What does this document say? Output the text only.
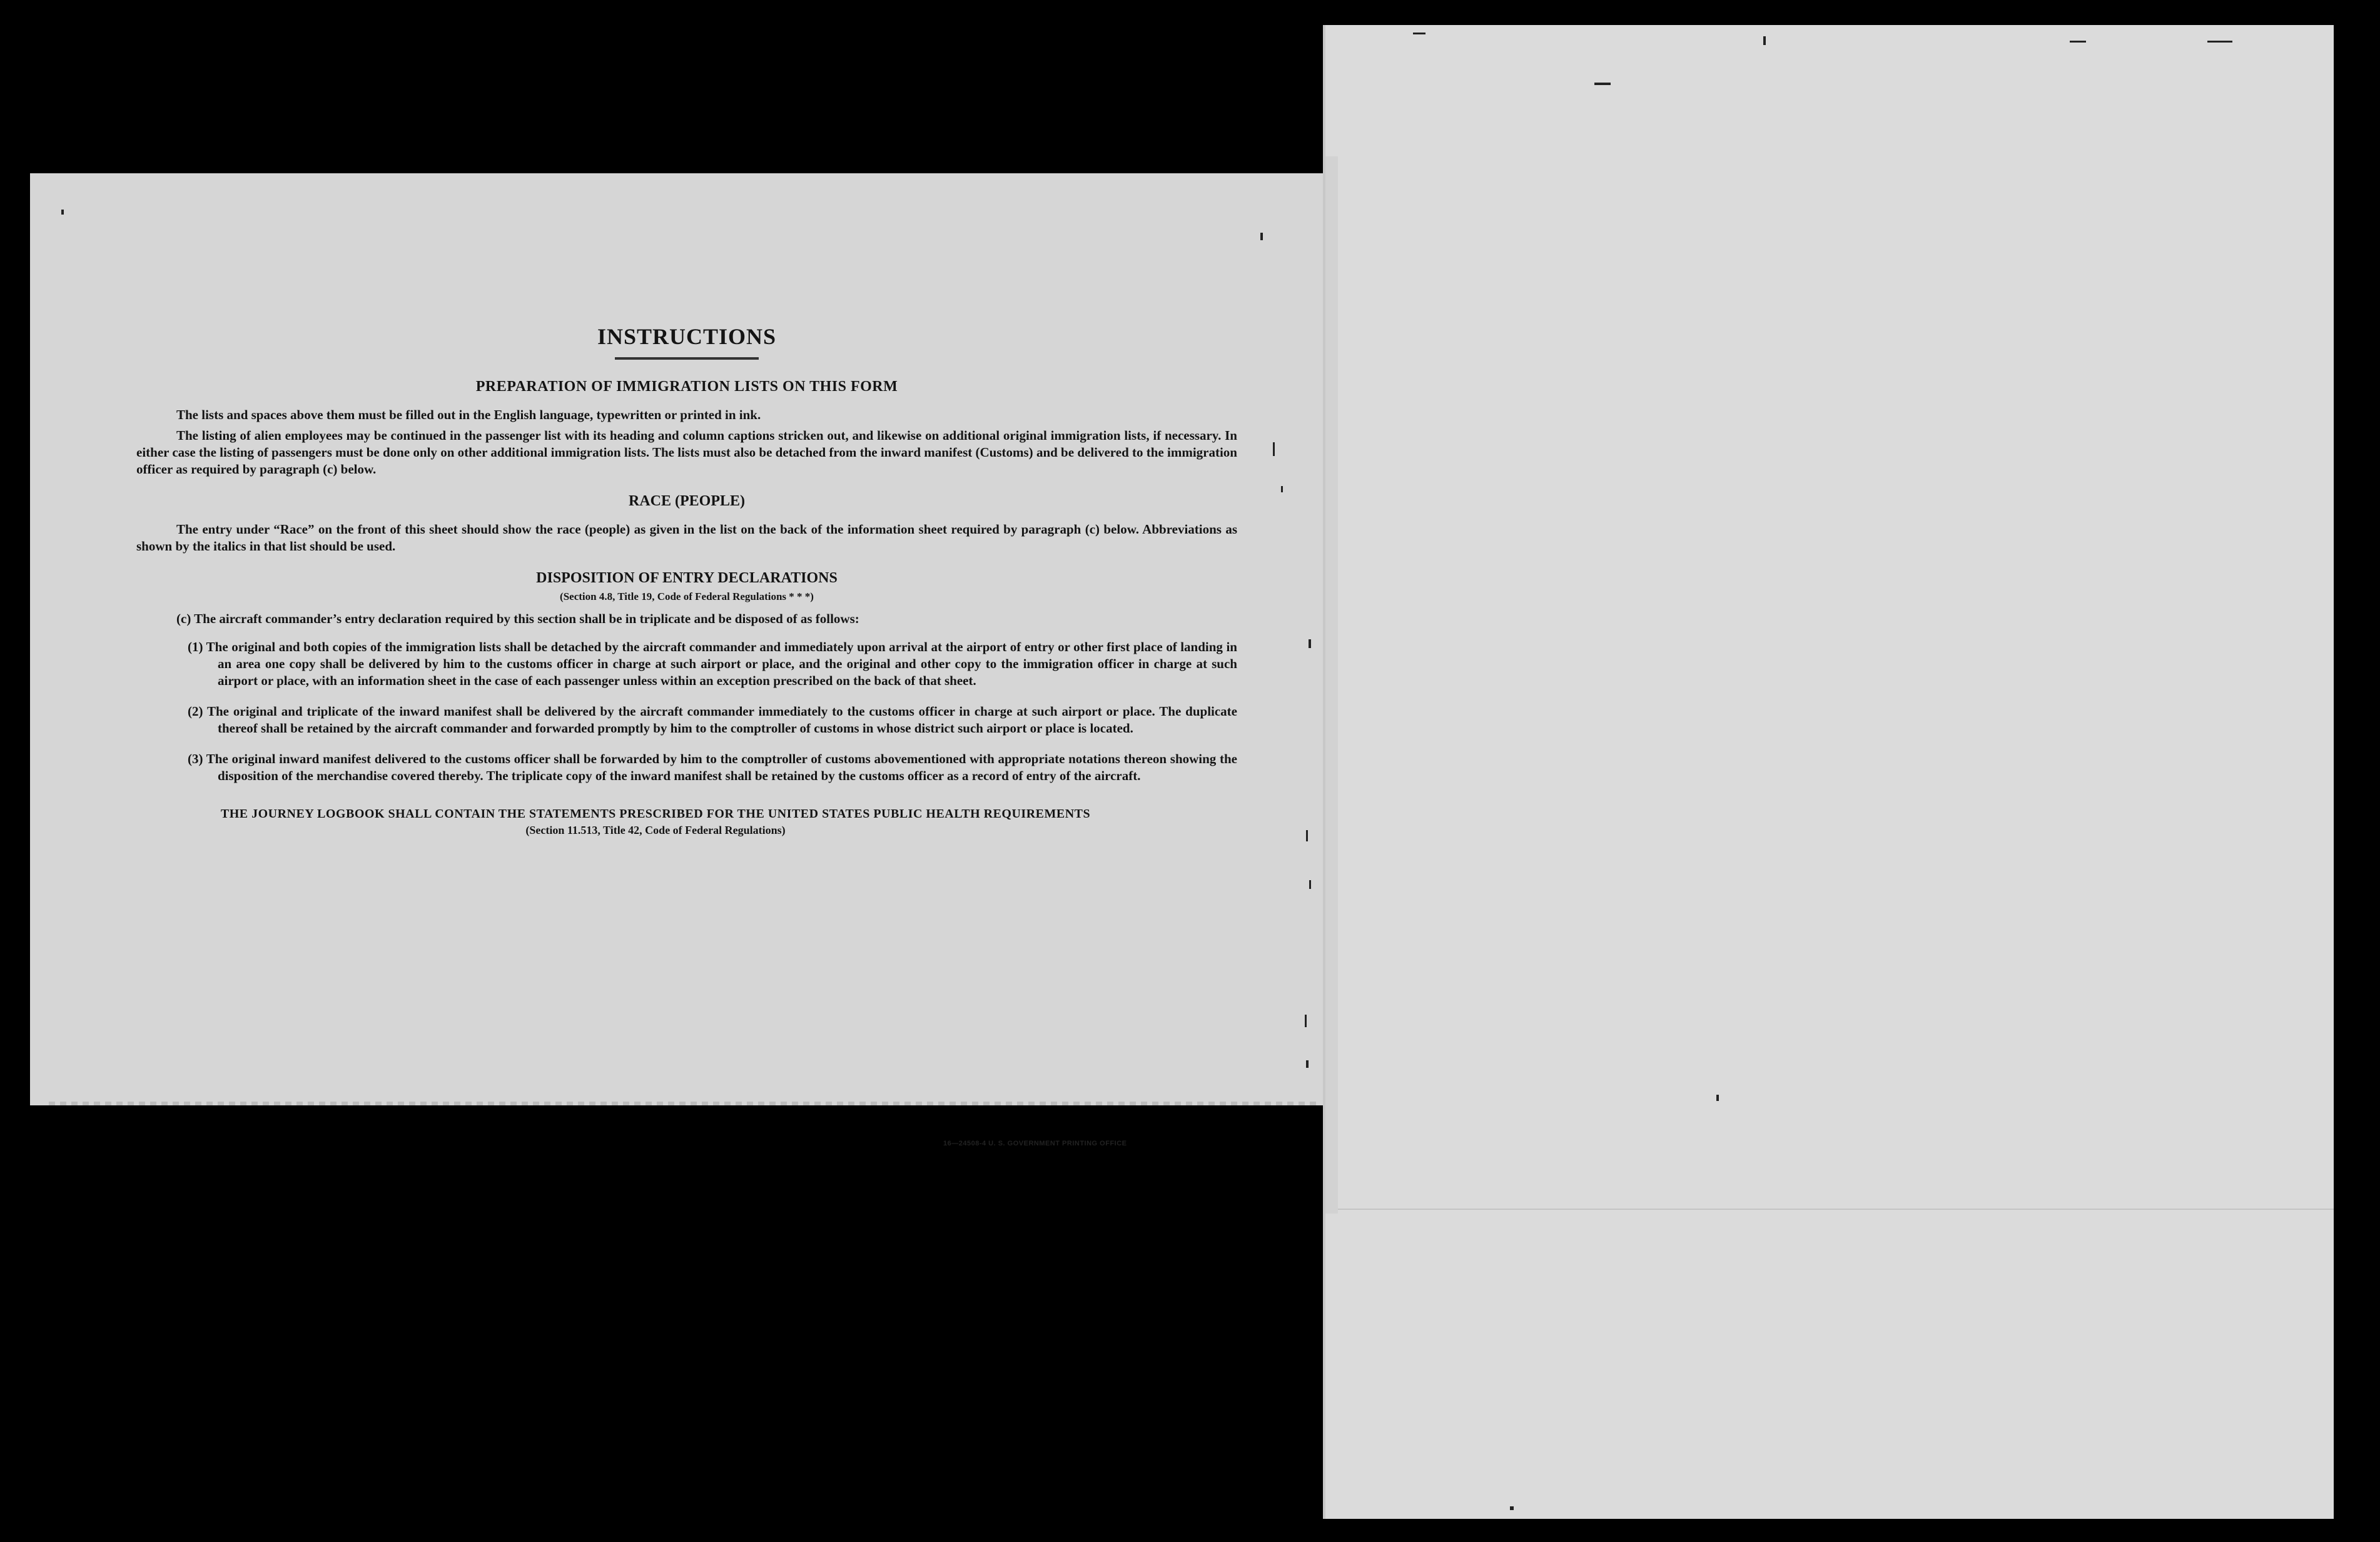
INSTRUCTIONS
PREPARATION OF IMMIGRATION LISTS ON THIS FORM

The lists and spaces above them must be filled out in the English language, typewritten or printed in ink.

The listing of alien employees may be continued in the passenger list with its heading and column captions stricken out, and likewise on additional original immigration lists, if necessary. In either case the listing of passengers must be done only on other additional immigration lists. The lists must also be detached from the inward manifest (Customs) and be delivered to the immigration officer as required by paragraph (c) below.

RACE (PEOPLE)

The entry under “Race” on the front of this sheet should show the race (people) as given in the list on the back of the information sheet required by paragraph (c) below. Abbreviations as shown by the italics in that list should be used.

DISPOSITION OF ENTRY DECLARATIONS
(Section 4.8, Title 19, Code of Federal Regulations * * *)

(c) The aircraft commander’s entry declaration required by this section shall be in triplicate and be disposed of as follows:

(1) The original and both copies of the immigration lists shall be detached by the aircraft commander and immediately upon arrival at the airport of entry or other first place of landing in an area one copy shall be delivered by him to the customs officer in charge at such airport or place, and the original and other copy to the immigration officer in charge at such airport or place, with an information sheet in the case of each passenger unless within an exception prescribed on the back of that sheet.

(2) The original and triplicate of the inward manifest shall be delivered by the aircraft commander immediately to the customs officer in charge at such airport or place. The duplicate thereof shall be retained by the aircraft commander and forwarded promptly by him to the comptroller of customs in whose district such airport or place is located.

(3) The original inward manifest delivered to the customs officer shall be forwarded by him to the comptroller of customs abovementioned with appropriate notations thereon showing the disposition of the merchandise covered thereby. The triplicate copy of the inward manifest shall be retained by the customs officer as a record of entry of the aircraft.

THE JOURNEY LOGBOOK SHALL CONTAIN THE STATEMENTS PRESCRIBED FOR THE UNITED STATES PUBLIC HEALTH REQUIREMENTS
(Section 11.513, Title 42, Code of Federal Regulations)
16—24508-4 U. S. GOVERNMENT PRINTING OFFICE
